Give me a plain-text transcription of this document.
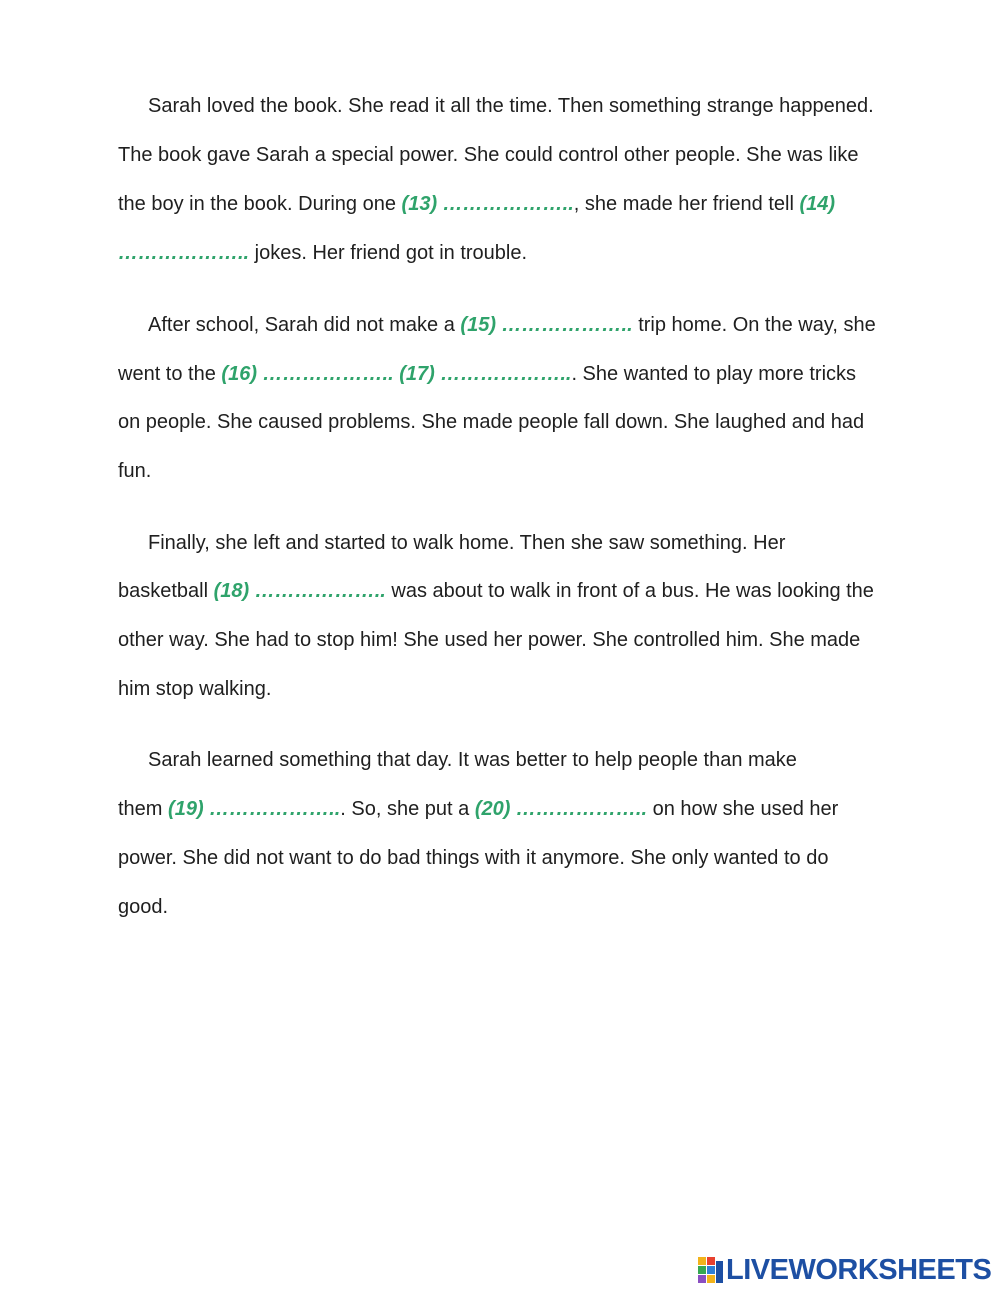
Sarah loved the book. She read it all the time. Then something strange happened.
The book gave Sarah a special power. She could control other people. She was like
the boy in the book. During one (13) ……………….., she made her friend tell (14)
……………….. jokes. Her friend got in trouble.
After school, Sarah did not make a (15) ……………….. trip home. On the way, she
went to the (16) ……………….. (17) ………………... She wanted to play more tricks
on people. She caused problems. She made people fall down. She laughed and had
fun.
Finally, she left and started to walk home. Then she saw something. Her
basketball (18) ……………….. was about to walk in front of a bus. He was looking the
other way. She had to stop him! She used her power. She controlled him. She made
him stop walking.
Sarah learned something that day. It was better to help people than make
them (19) ………………... So, she put a (20) ……………….. on how she used her
power. She did not want to do bad things with it anymore. She only wanted to do
good.
LIVEWORKSHEETS
